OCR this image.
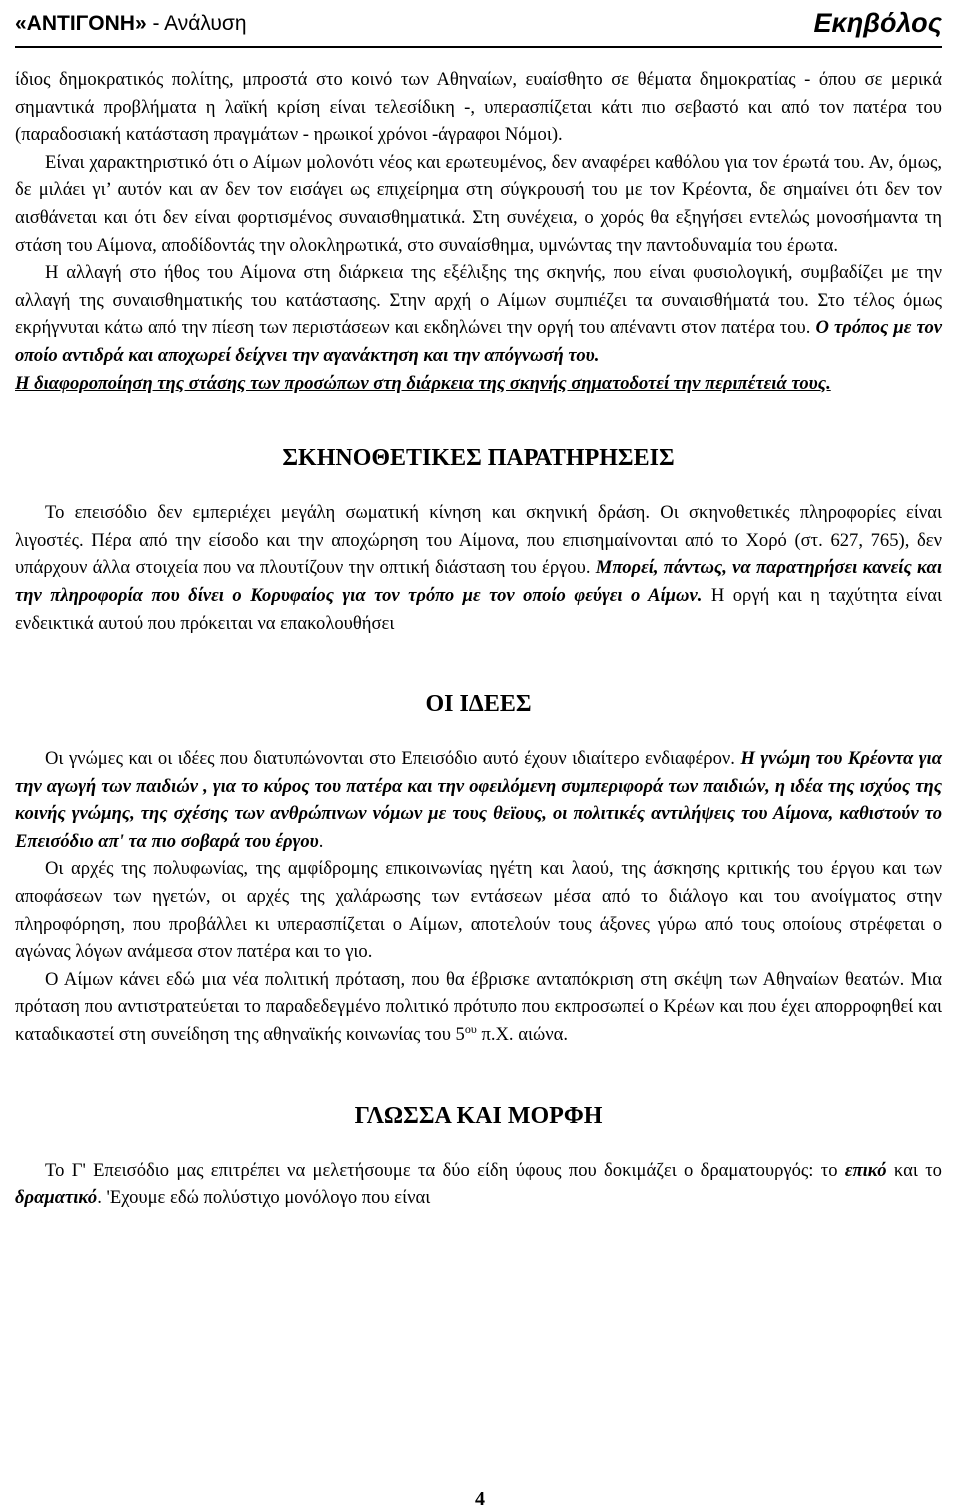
«ΑΝΤΙΓΟΝΗ» - Ανάλυση	Εκηβόλος

ίδιος δημοκρατικός πολίτης, μπροστά στο κοινό των Αθηναίων, ευαίσθητο σε θέματα δημοκρατίας - όπου σε μερικά σημαντικά προβλήματα η λαϊκή κρίση είναι τελεσίδικη -, υπερασπίζεται κάτι πιο σεβαστό και από τον πατέρα του (παραδοσιακή κατάσταση πραγμάτων - ηρωικοί χρόνοι -άγραφοι Νόμοι).

Είναι χαρακτηριστικό ότι ο Αίμων μολονότι νέος και ερωτευμένος, δεν αναφέρει καθόλου για τον έρωτά του. Αν, όμως, δε μιλάει γι’ αυτόν και αν δεν τον εισάγει ως επιχείρημα στη σύγκρουσή του με τον Κρέοντα, δε σημαίνει ότι δεν τον αισθάνεται και ότι δεν είναι φορτισμένος συναισθηματικά. Στη συνέχεια, ο χορός θα εξηγήσει εντελώς μονοσήμαντα τη στάση του Αίμονα, αποδίδοντάς την ολοκληρωτικά, στο συναίσθημα, υμνώντας την παντοδυναμία του έρωτα.

Η αλλαγή στο ήθος του Αίμονα στη διάρκεια της εξέλιξης της σκηνής, που είναι φυσιολογική, συμβαδίζει με την αλλαγή της συναισθηματικής του κατάστασης. Στην αρχή ο Αίμων συμπιέζει τα συναισθήματά του. Στο τέλος όμως εκρήγνυται κάτω από την πίεση των περιστάσεων και εκδηλώνει την οργή του απέναντι στον πατέρα του. Ο τρόπος με τον οποίο αντιδρά και αποχωρεί δείχνει την αγανάκτηση και την απόγνωσή του.

Η διαφοροποίηση της στάσης των προσώπων στη διάρκεια της σκηνής σηματοδοτεί την περιπέτειά τους.

ΣΚΗΝΟΘΕΤΙΚΕΣ ΠΑΡΑΤΗΡΗΣΕΙΣ

Το επεισόδιο δεν εμπεριέχει μεγάλη σωματική κίνηση και σκηνική δράση. Οι σκηνοθετικές πληροφορίες είναι λιγοστές. Πέρα από την είσοδο και την αποχώρηση του Αίμονα, που επισημαίνονται από το Χορό (στ. 627, 765), δεν υπάρχουν άλλα στοιχεία που να πλουτίζουν την οπτική διάσταση του έργου. Μπορεί, πάντως, να παρατηρήσει κανείς και την πληροφορία που δίνει ο Κορυφαίος για τον τρόπο με τον οποίο φεύγει ο Αίμων. Η οργή και η ταχύτητα είναι ενδεικτικά αυτού που πρόκειται να επακολουθήσει

ΟΙ ΙΔΕΕΣ

Οι γνώμες και οι ιδέες που διατυπώνονται στο Επεισόδιο αυτό έχουν ιδιαίτερο ενδιαφέρον. Η γνώμη του Κρέοντα για την αγωγή των παιδιών , για το κύρος του πατέρα και την οφειλόμενη συμπεριφορά των παιδιών, η ιδέα της ισχύος της κοινής γνώμης, της σχέσης των ανθρώπινων νόμων με τους θεϊους, οι πολιτικές αντιλήψεις του Αίμονα, καθιστούν το Επεισόδιο απ' τα πιο σοβαρά του έργου.

Οι αρχές της πολυφωνίας, της αμφίδρομης επικοινωνίας ηγέτη και λαού, της άσκησης κριτικής του έργου και των αποφάσεων των ηγετών, οι αρχές της χαλάρωσης των εντάσεων μέσα από το διάλογο και του ανοίγματος στην πληροφόρηση, που προβάλλει κι υπερασπίζεται ο Αίμων, αποτελούν τους άξονες γύρω από τους οποίους στρέφεται ο αγώνας λόγων ανάμεσα στον πατέρα και το γιο.

Ο Αίμων κάνει εδώ μια νέα πολιτική πρόταση, που θα έβρισκε ανταπόκριση στη σκέψη των Αθηναίων θεατών. Μια πρόταση που αντιστρατεύεται το παραδεδεγμένο πολιτικό πρότυπο που εκπροσωπεί ο Κρέων και που έχει απορροφηθεί και καταδικαστεί στη συνείδηση της αθηναϊκής κοινωνίας του $5^{o\upsilon}$ π.Χ. αιώνα.

ΓΛΩΣΣΑ ΚΑΙ ΜΟΡΦΗ

Το Γ' Επεισόδιο μας επιτρέπει να μελετήσουμε τα δύο είδη ύφους που δοκιμάζει ο δραματουργός: το επικό και το δραματικό. 'Εχουμε εδώ πολύστιχο μονόλογο που είναι

4
